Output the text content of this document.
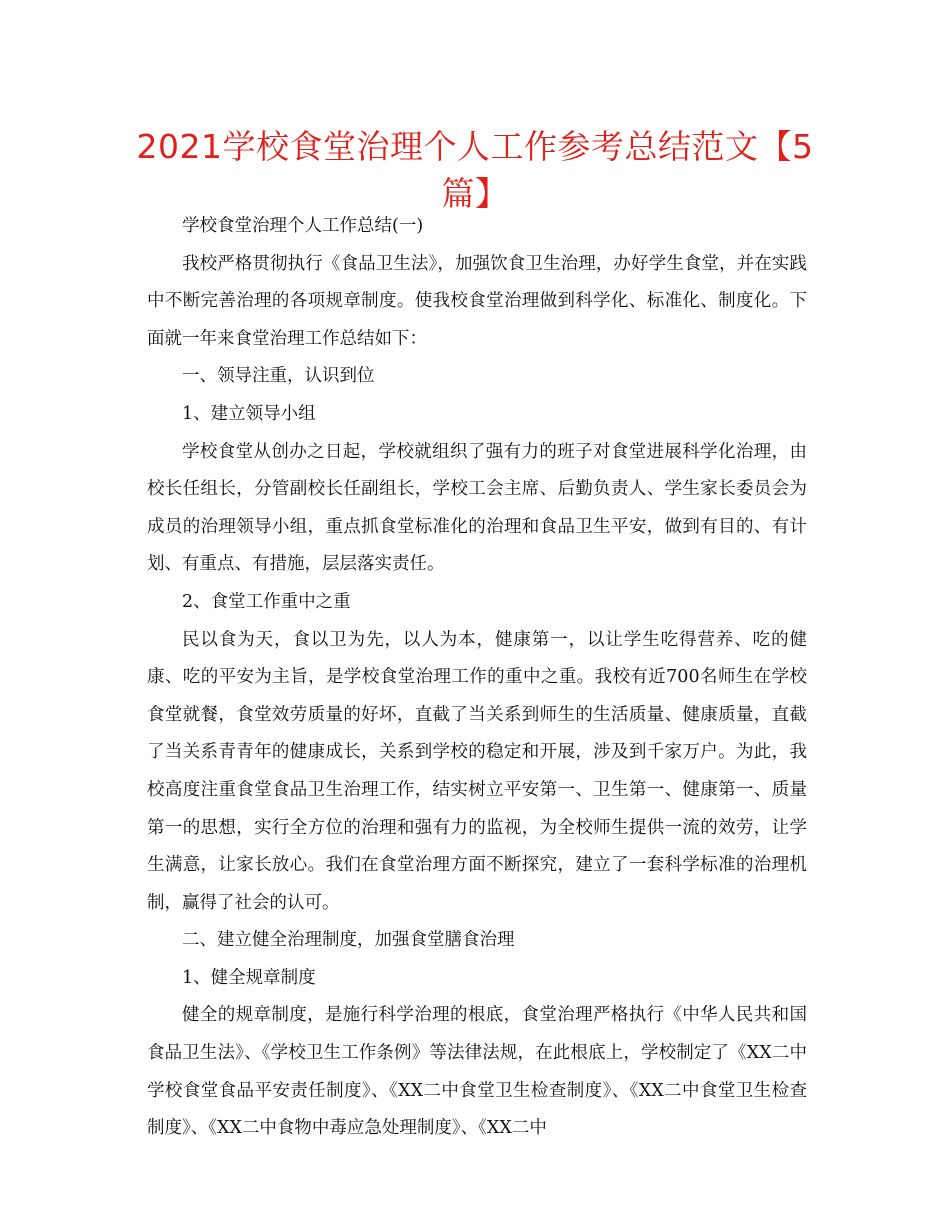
2021学校食堂治理个人工作参考总结范文【5篇】

学校食堂治理个人工作总结(一)

我校严格贯彻执行《食品卫生法》，加强饮食卫生治理，办好学生食堂，并在实践中不断完善治理的各项规章制度。使我校食堂治理做到科学化、标准化、制度化。下面就一年来食堂治理工作总结如下：

一、领导注重，认识到位

1、建立领导小组

学校食堂从创办之日起，学校就组织了强有力的班子对食堂进展科学化治理，由校长任组长，分管副校长任副组长，学校工会主席、后勤负责人、学生家长委员会为成员的治理领导小组，重点抓食堂标准化的治理和食品卫生平安，做到有目的、有计划、有重点、有措施，层层落实责任。

2、食堂工作重中之重

民以食为天，食以卫为先，以人为本，健康第一，以让学生吃得营养、吃的健康、吃的平安为主旨，是学校食堂治理工作的重中之重。我校有近700名师生在学校食堂就餐，食堂效劳质量的好坏，直截了当关系到师生的生活质量、健康质量，直截了当关系青青年的健康成长，关系到学校的稳定和开展，涉及到千家万户。为此，我校高度注重食堂食品卫生治理工作，结实树立平安第一、卫生第一、健康第一、质量第一的思想，实行全方位的治理和强有力的监视，为全校师生提供一流的效劳，让学生满意，让家长放心。我们在食堂治理方面不断探究，建立了一套科学标准的治理机制，赢得了社会的认可。

二、建立健全治理制度，加强食堂膳食治理

1、健全规章制度

健全的规章制度，是施行科学治理的根底，食堂治理严格执行《中华人民共和国食品卫生法》、《学校卫生工作条例》等法律法规，在此根底上，学校制定了《XX二中学校食堂食品平安责任制度》、《XX二中食堂卫生检查制度》、《XX二中食堂卫生检查制度》、《XX二中食物中毒应急处理制度》、《XX二中
